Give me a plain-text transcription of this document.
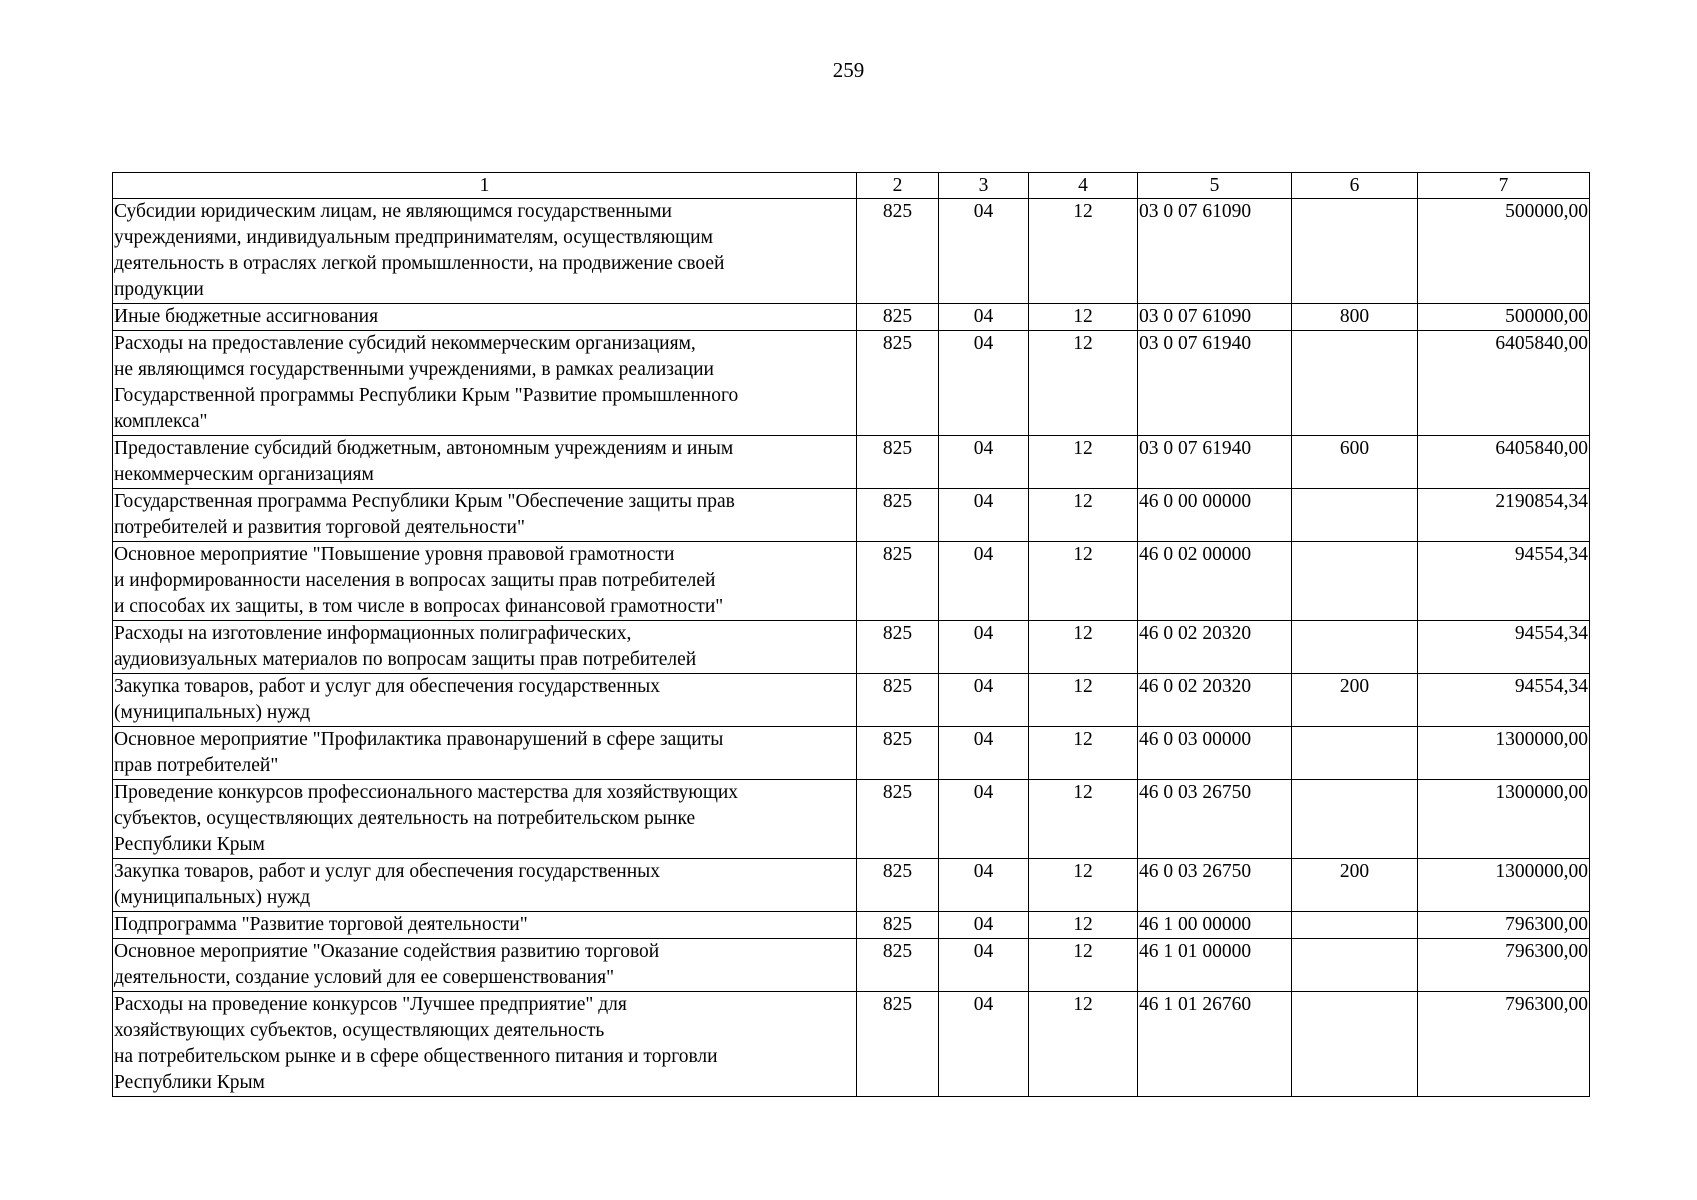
259
1	2	3	4	5	6	7
Субсидии юридическим лицам, не являющимся государственными
учреждениями, индивидуальным предпринимателям, осуществляющим
деятельность в отраслях легкой промышленности, на продвижение своей
продукции	825	04	12	03 0 07 61090		500000,00
Иные бюджетные ассигнования	825	04	12	03 0 07 61090	800	500000,00
Расходы на предоставление субсидий некоммерческим организациям,
не являющимся государственными учреждениями, в рамках реализации
Государственной программы Республики Крым "Развитие промышленного
комплекса"	825	04	12	03 0 07 61940		6405840,00
Предоставление субсидий бюджетным, автономным учреждениям и иным
некоммерческим организациям	825	04	12	03 0 07 61940	600	6405840,00
Государственная программа Республики Крым "Обеспечение защиты прав
потребителей и развития торговой деятельности"	825	04	12	46 0 00 00000		2190854,34
Основное мероприятие "Повышение уровня правовой грамотности
и информированности населения в вопросах защиты прав потребителей
и способах их защиты, в том числе в вопросах финансовой грамотности"	825	04	12	46 0 02 00000		94554,34
Расходы на изготовление информационных полиграфических,
аудиовизуальных материалов по вопросам защиты прав потребителей	825	04	12	46 0 02 20320		94554,34
Закупка товаров, работ и услуг для обеспечения государственных
(муниципальных) нужд	825	04	12	46 0 02 20320	200	94554,34
Основное мероприятие "Профилактика правонарушений в сфере защиты
прав потребителей"	825	04	12	46 0 03 00000		1300000,00
Проведение конкурсов профессионального мастерства для хозяйствующих
субъектов, осуществляющих деятельность на потребительском рынке
Республики Крым	825	04	12	46 0 03 26750		1300000,00
Закупка товаров, работ и услуг для обеспечения государственных
(муниципальных) нужд	825	04	12	46 0 03 26750	200	1300000,00
Подпрограмма "Развитие торговой деятельности"	825	04	12	46 1 00 00000		796300,00
Основное мероприятие "Оказание содействия развитию торговой
деятельности, создание условий для ее совершенствования"	825	04	12	46 1 01 00000		796300,00
Расходы на проведение конкурсов "Лучшее предприятие" для
хозяйствующих субъектов, осуществляющих деятельность
на потребительском рынке и в сфере общественного питания и торговли
Республики Крым	825	04	12	46 1 01 26760		796300,00
